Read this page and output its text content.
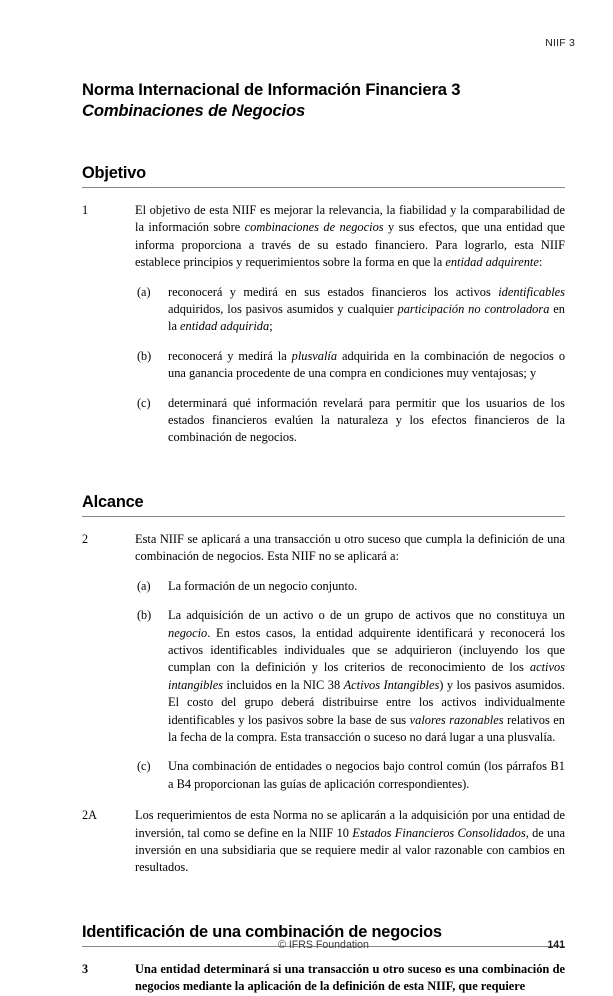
NIIF 3
Norma Internacional de Información Financiera 3
Combinaciones de Negocios
Objetivo
1	El objetivo de esta NIIF es mejorar la relevancia, la fiabilidad y la comparabilidad de la información sobre combinaciones de negocios y sus efectos, que una entidad que informa proporciona a través de su estado financiero. Para lograrlo, esta NIIF establece principios y requerimientos sobre la forma en que la entidad adquirente:
(a)	reconocerá y medirá en sus estados financieros los activos identificables adquiridos, los pasivos asumidos y cualquier participación no controladora en la entidad adquirida;
(b)	reconocerá y medirá la plusvalía adquirida en la combinación de negocios o una ganancia procedente de una compra en condiciones muy ventajosas; y
(c)	determinará qué información revelará para permitir que los usuarios de los estados financieros evalúen la naturaleza y los efectos financieros de la combinación de negocios.
Alcance
2	Esta NIIF se aplicará a una transacción u otro suceso que cumpla la definición de una combinación de negocios. Esta NIIF no se aplicará a:
(a)	La formación de un negocio conjunto.
(b)	La adquisición de un activo o de un grupo de activos que no constituya un negocio. En estos casos, la entidad adquirente identificará y reconocerá los activos identificables individuales que se adquirieron (incluyendo los que cumplan con la definición y los criterios de reconocimiento de los activos intangibles incluidos en la NIC 38 Activos Intangibles) y los pasivos asumidos. El costo del grupo deberá distribuirse entre los activos individualmente identificables y los pasivos sobre la base de sus valores razonables relativos en la fecha de la compra. Esta transacción o suceso no dará lugar a una plusvalía.
(c)	Una combinación de entidades o negocios bajo control común (los párrafos B1 a B4 proporcionan las guías de aplicación correspondientes).
2A	Los requerimientos de esta Norma no se aplicarán a la adquisición por una entidad de inversión, tal como se define en la NIIF 10 Estados Financieros Consolidados, de una inversión en una subsidiaria que se requiere medir al valor razonable con cambios en resultados.
Identificación de una combinación de negocios
3	Una entidad determinará si una transacción u otro suceso es una combinación de negocios mediante la aplicación de la definición de esta NIIF, que requiere
© IFRS Foundation	141
